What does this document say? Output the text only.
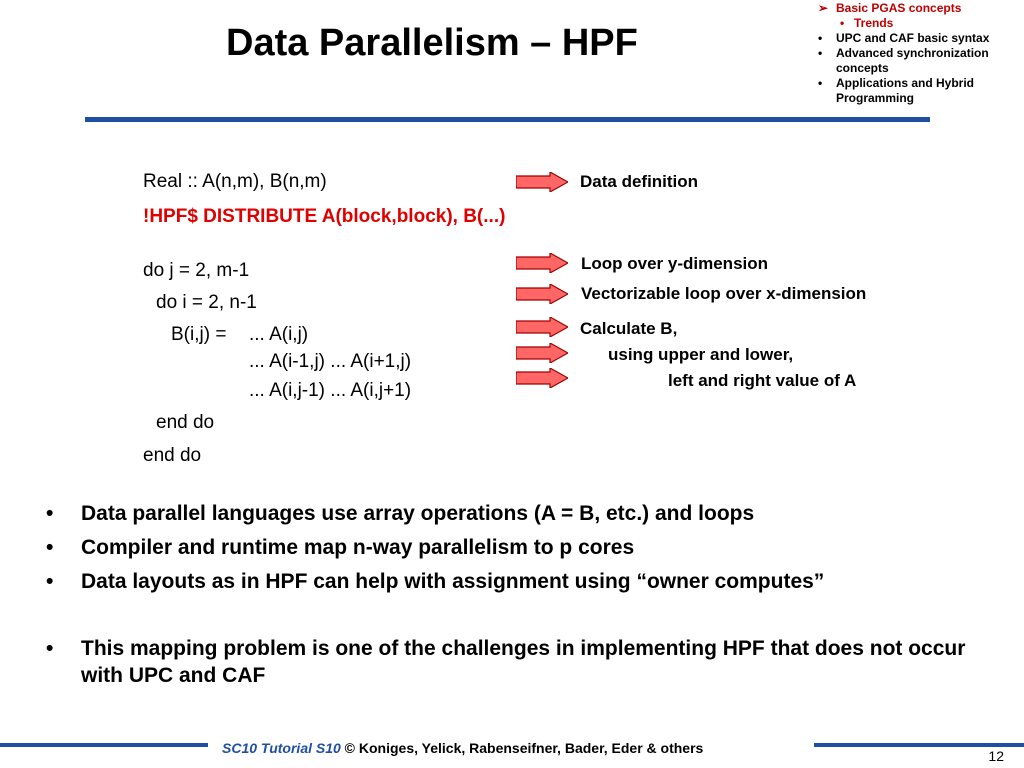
Data Parallelism – HPF
➢ Basic PGAS concepts
• Trends
• UPC and CAF basic syntax
• Advanced synchronization concepts
• Applications and Hybrid Programming
Real :: A(n,m), B(n,m)
!HPF$ DISTRIBUTE A(block,block), B(...)
do j = 2, m-1
do i = 2, n-1
B(i,j) = ... A(i,j)
... A(i-1,j) ... A(i+1,j)
... A(i,j-1) ... A(i,j+1)
end do
end do
Data definition
Loop over y-dimension
Vectorizable loop over x-dimension
Calculate B,
using upper and lower,
left and right value of A
• Data parallel languages use array operations (A = B, etc.) and loops
• Compiler and runtime map n-way parallelism to p cores
• Data layouts as in HPF can help with assignment using “owner computes”
• This mapping problem is one of the challenges in implementing HPF that does not occur with UPC and CAF
SC10 Tutorial S10 © Koniges, Yelick, Rabenseifner, Bader, Eder & others	12
